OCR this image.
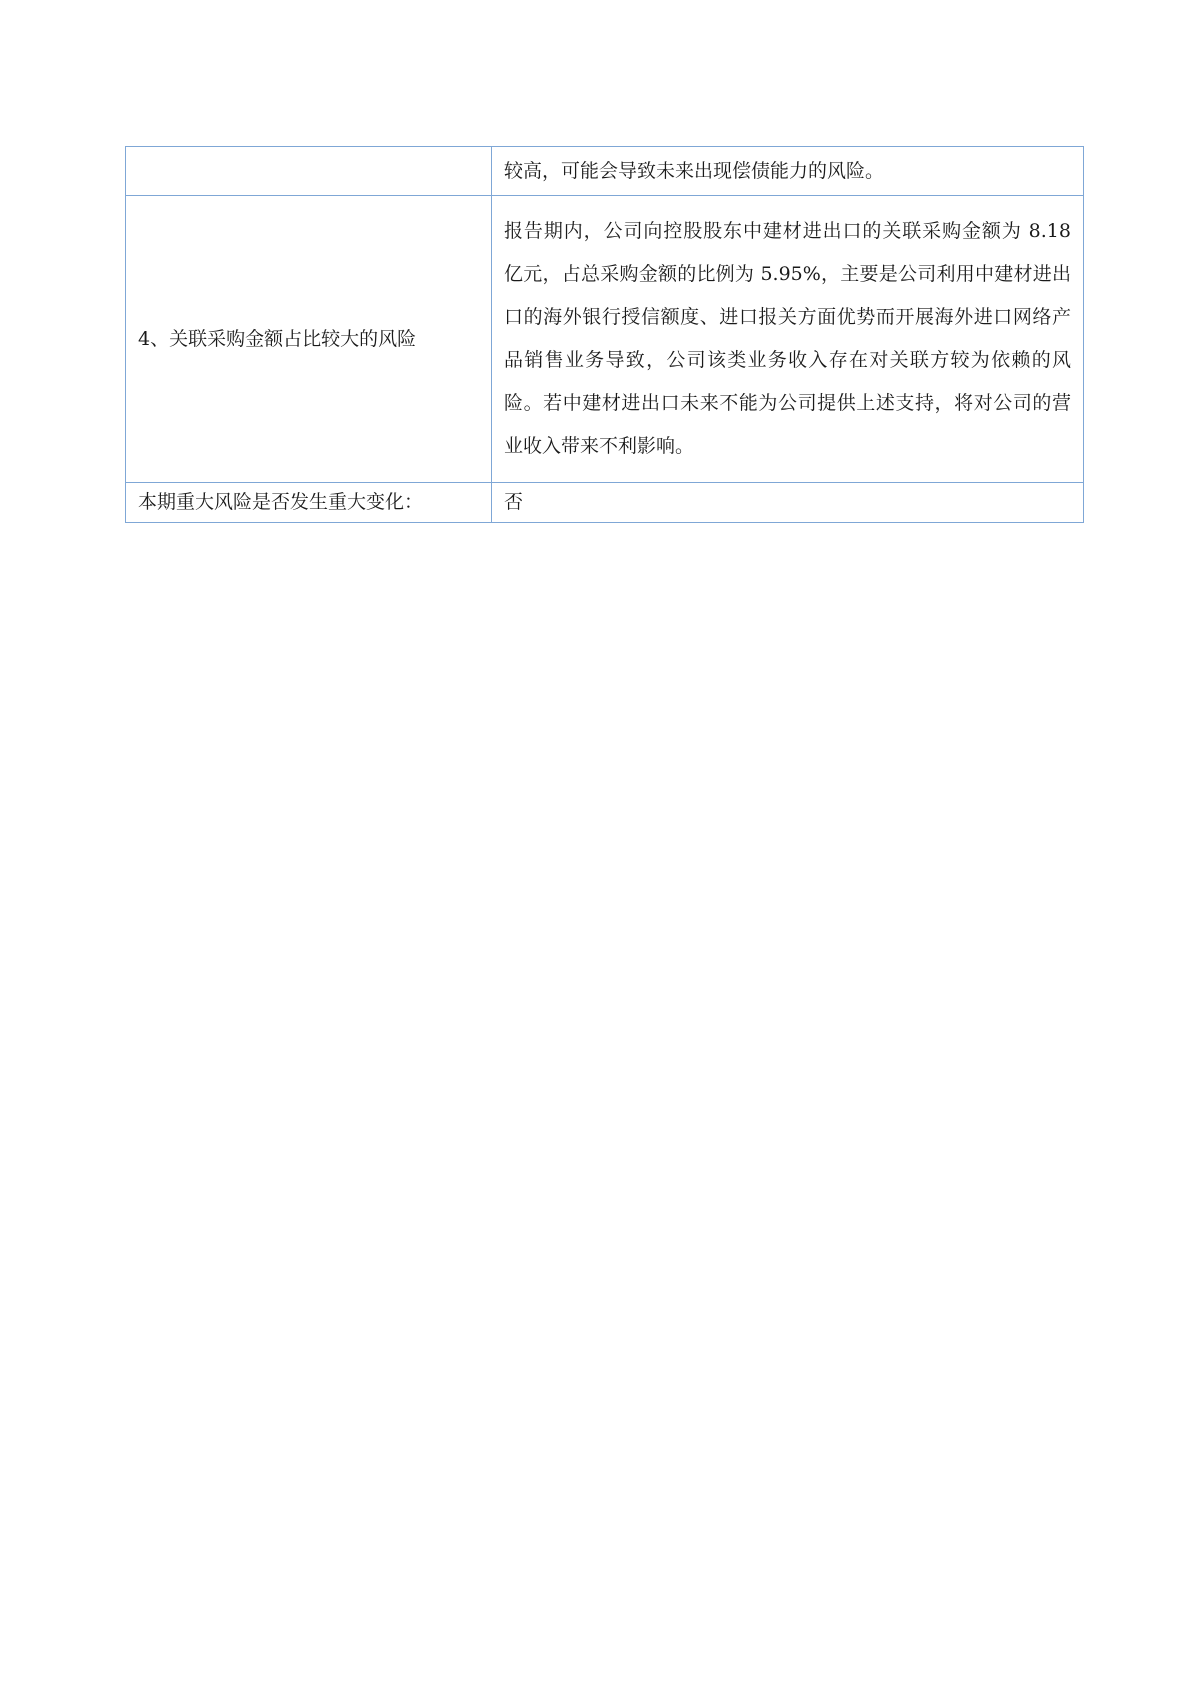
	较高，可能会导致未来出现偿债能力的风险。
4、关联采购金额占比较大的风险	报告期内，公司向控股股东中建材进出口的关联采购金额为 8.18 亿元，占总采购金额的比例为 5.95%，主要是公司利用中建材进出口的海外银行授信额度、进口报关方面优势而开展海外进口网络产品销售业务导致，公司该类业务收入存在对关联方较为依赖的风险。若中建材进出口未来不能为公司提供上述支持，将对公司的营业收入带来不利影响。
本期重大风险是否发生重大变化：	否
